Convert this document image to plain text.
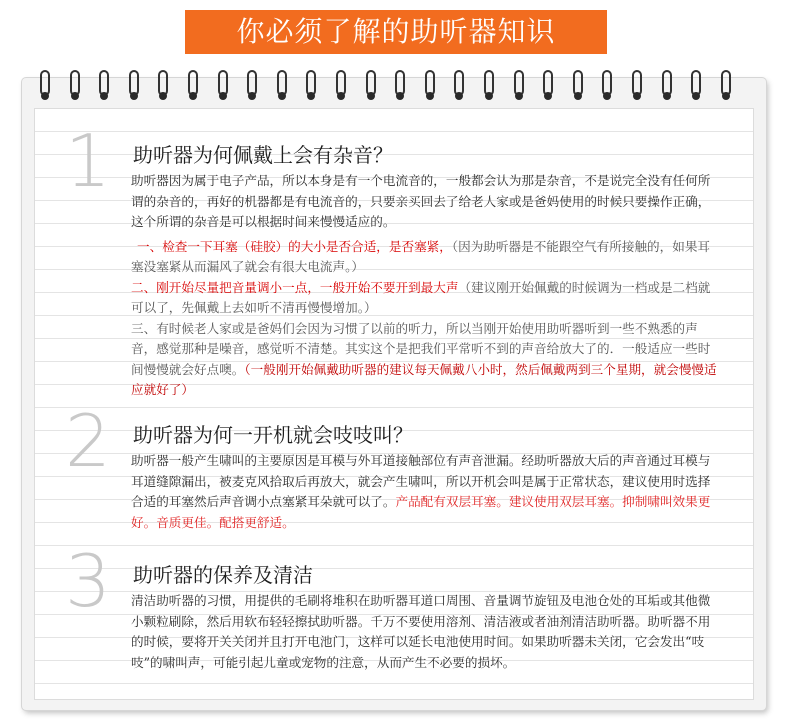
你必须了解的助听器知识
1 助听器为何佩戴上会有杂音？

助听器因为属于电子产品，所以本身是有一个电流音的，一般都会认为那是杂音，不是说完全没有任何所谓的杂音的，再好的机器都是有电流音的，只要亲买回去了给老人家或是爸妈使用的时候只要操作正确，这个所谓的杂音是可以根据时间来慢慢适应的。

一、检查一下耳塞（硅胶）的大小是否合适，是否塞紧，（因为助听器是不能跟空气有所接触的，如果耳塞没塞紧从而漏风了就会有很大电流声。）

二、刚开始尽量把音量调小一点，一般开始不要开到最大声（建议刚开始佩戴的时候调为一档或是二档就可以了，先佩戴上去如听不清再慢慢增加。）

三、有时候老人家或是爸妈们会因为习惯了以前的听力，所以当刚开始使用助听器听到一些不熟悉的声音，感觉那种是噪音，感觉听不清楚。其实这个是把我们平常听不到的声音给放大了的．一般适应一些时间慢慢就会好点噢。（一般刚开始佩戴助听器的建议每天佩戴八小时，然后佩戴两到三个星期，就会慢慢适应就好了）

2 助听器为何一开机就会吱吱叫？

助听器一般产生啸叫的主要原因是耳模与外耳道接触部位有声音泄漏。经助听器放大后的声音通过耳模与耳道缝隙漏出，被麦克风拾取后再放大，就会产生啸叫，所以开机会叫是属于正常状态，建议使用时选择合适的耳塞然后声音调小点塞紧耳朵就可以了。产品配有双层耳塞。建议使用双层耳塞。抑制啸叫效果更好。音质更佳。配搭更舒适。

3 助听器的保养及清洁

清洁助听器的习惯，用提供的毛刷将堆积在助听器耳道口周围、音量调节旋钮及电池仓处的耳垢或其他微小颗粒刷除，然后用软布轻轻擦拭助听器。千万不要使用溶剂、清洁液或者油剂清洁助听器。助听器不用的时候，要将开关关闭并且打开电池门，这样可以延长电池使用时间。如果助听器未关闭，它会发出“吱吱”的啸叫声，可能引起儿童或宠物的注意，从而产生不必要的损坏。
